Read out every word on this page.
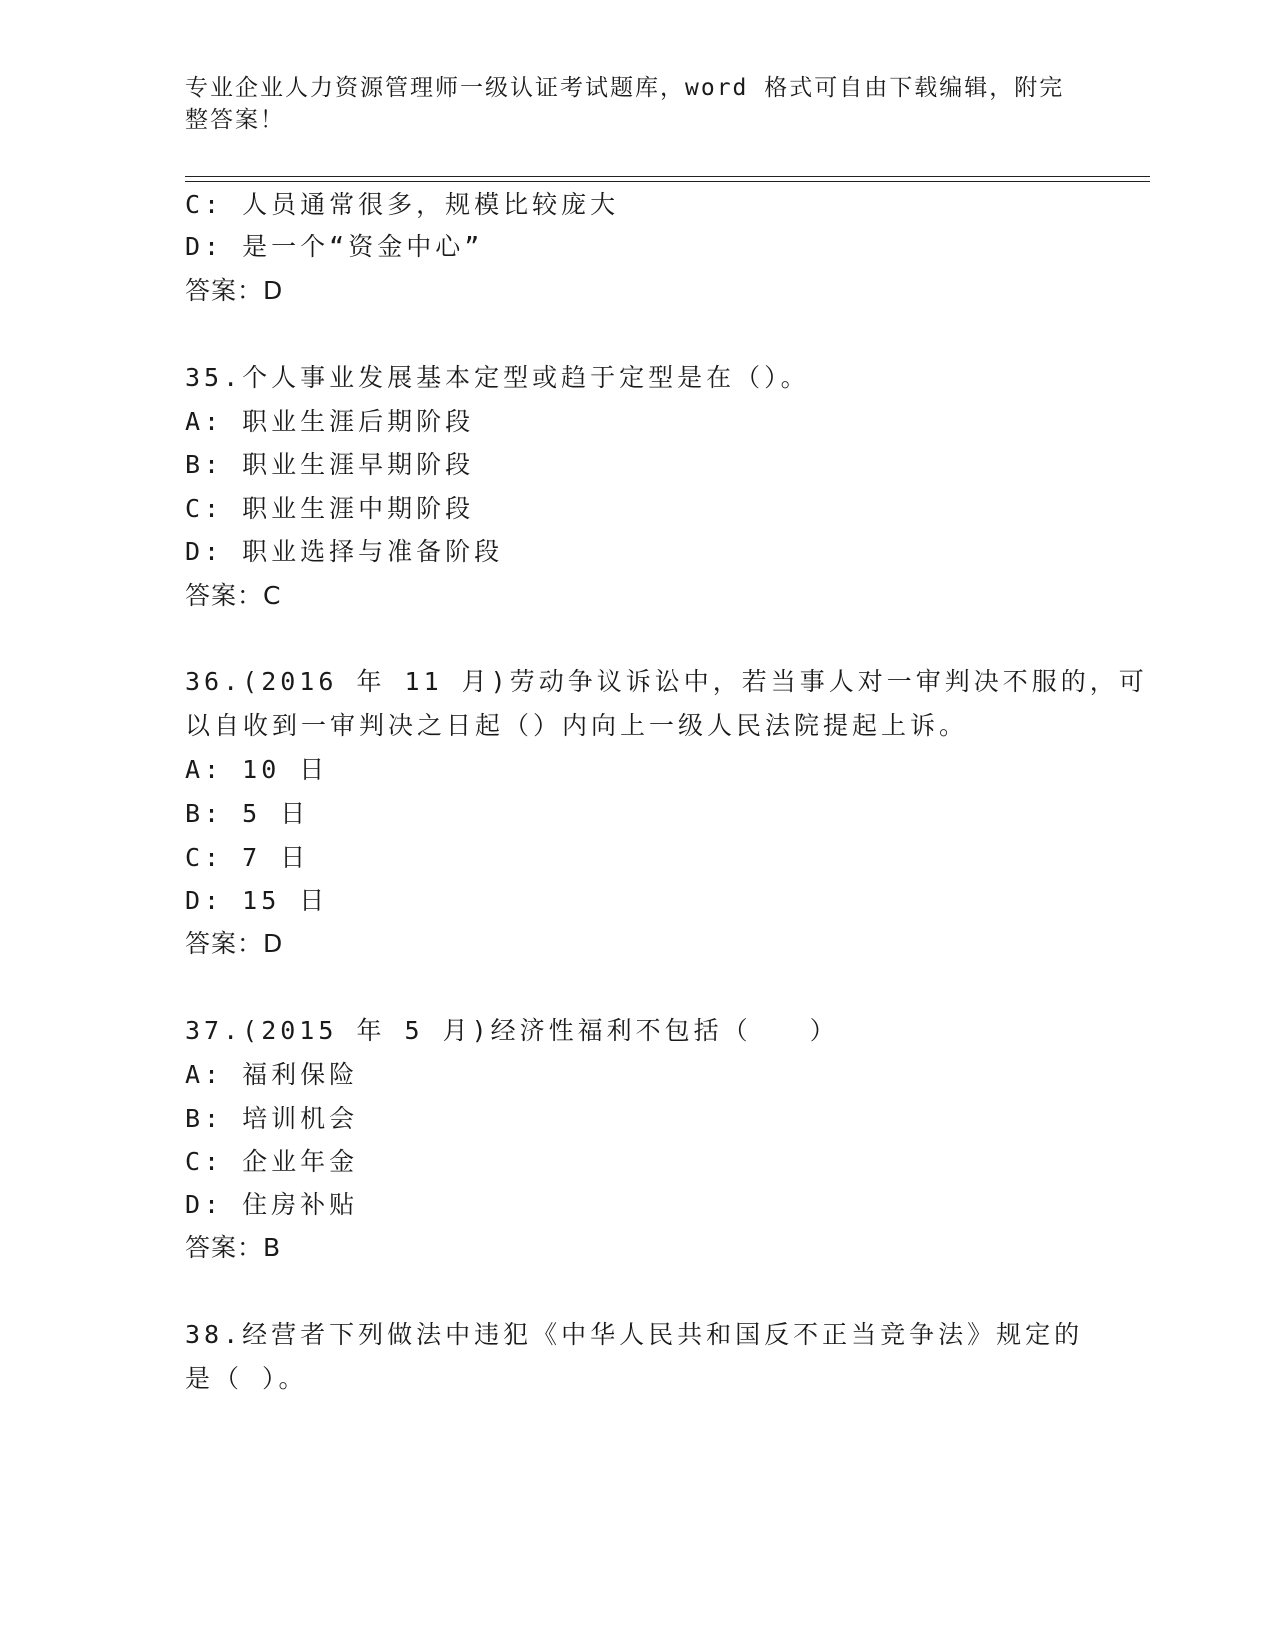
专业企业人力资源管理师一级认证考试题库，word 格式可自由下载编辑，附完整答案！
C: 人员通常很多，规模比较庞大
D: 是一个“资金中心”
答案：D
35.个人事业发展基本定型或趋于定型是在（）。
A: 职业生涯后期阶段
B: 职业生涯早期阶段
C: 职业生涯中期阶段
D: 职业选择与准备阶段
答案：C
36.(2016 年 11 月)劳动争议诉讼中，若当事人对一审判决不服的，可
以自收到一审判决之日起（）内向上一级人民法院提起上诉。
A: 10 日
B: 5 日
C: 7 日
D: 15 日
答案：D
37.(2015 年 5 月)经济性福利不包括（　　）
A: 福利保险
B: 培训机会
C: 企业年金
D: 住房补贴
答案：B
38.经营者下列做法中违犯《中华人民共和国反不正当竞争法》规定的
是（ ）。
